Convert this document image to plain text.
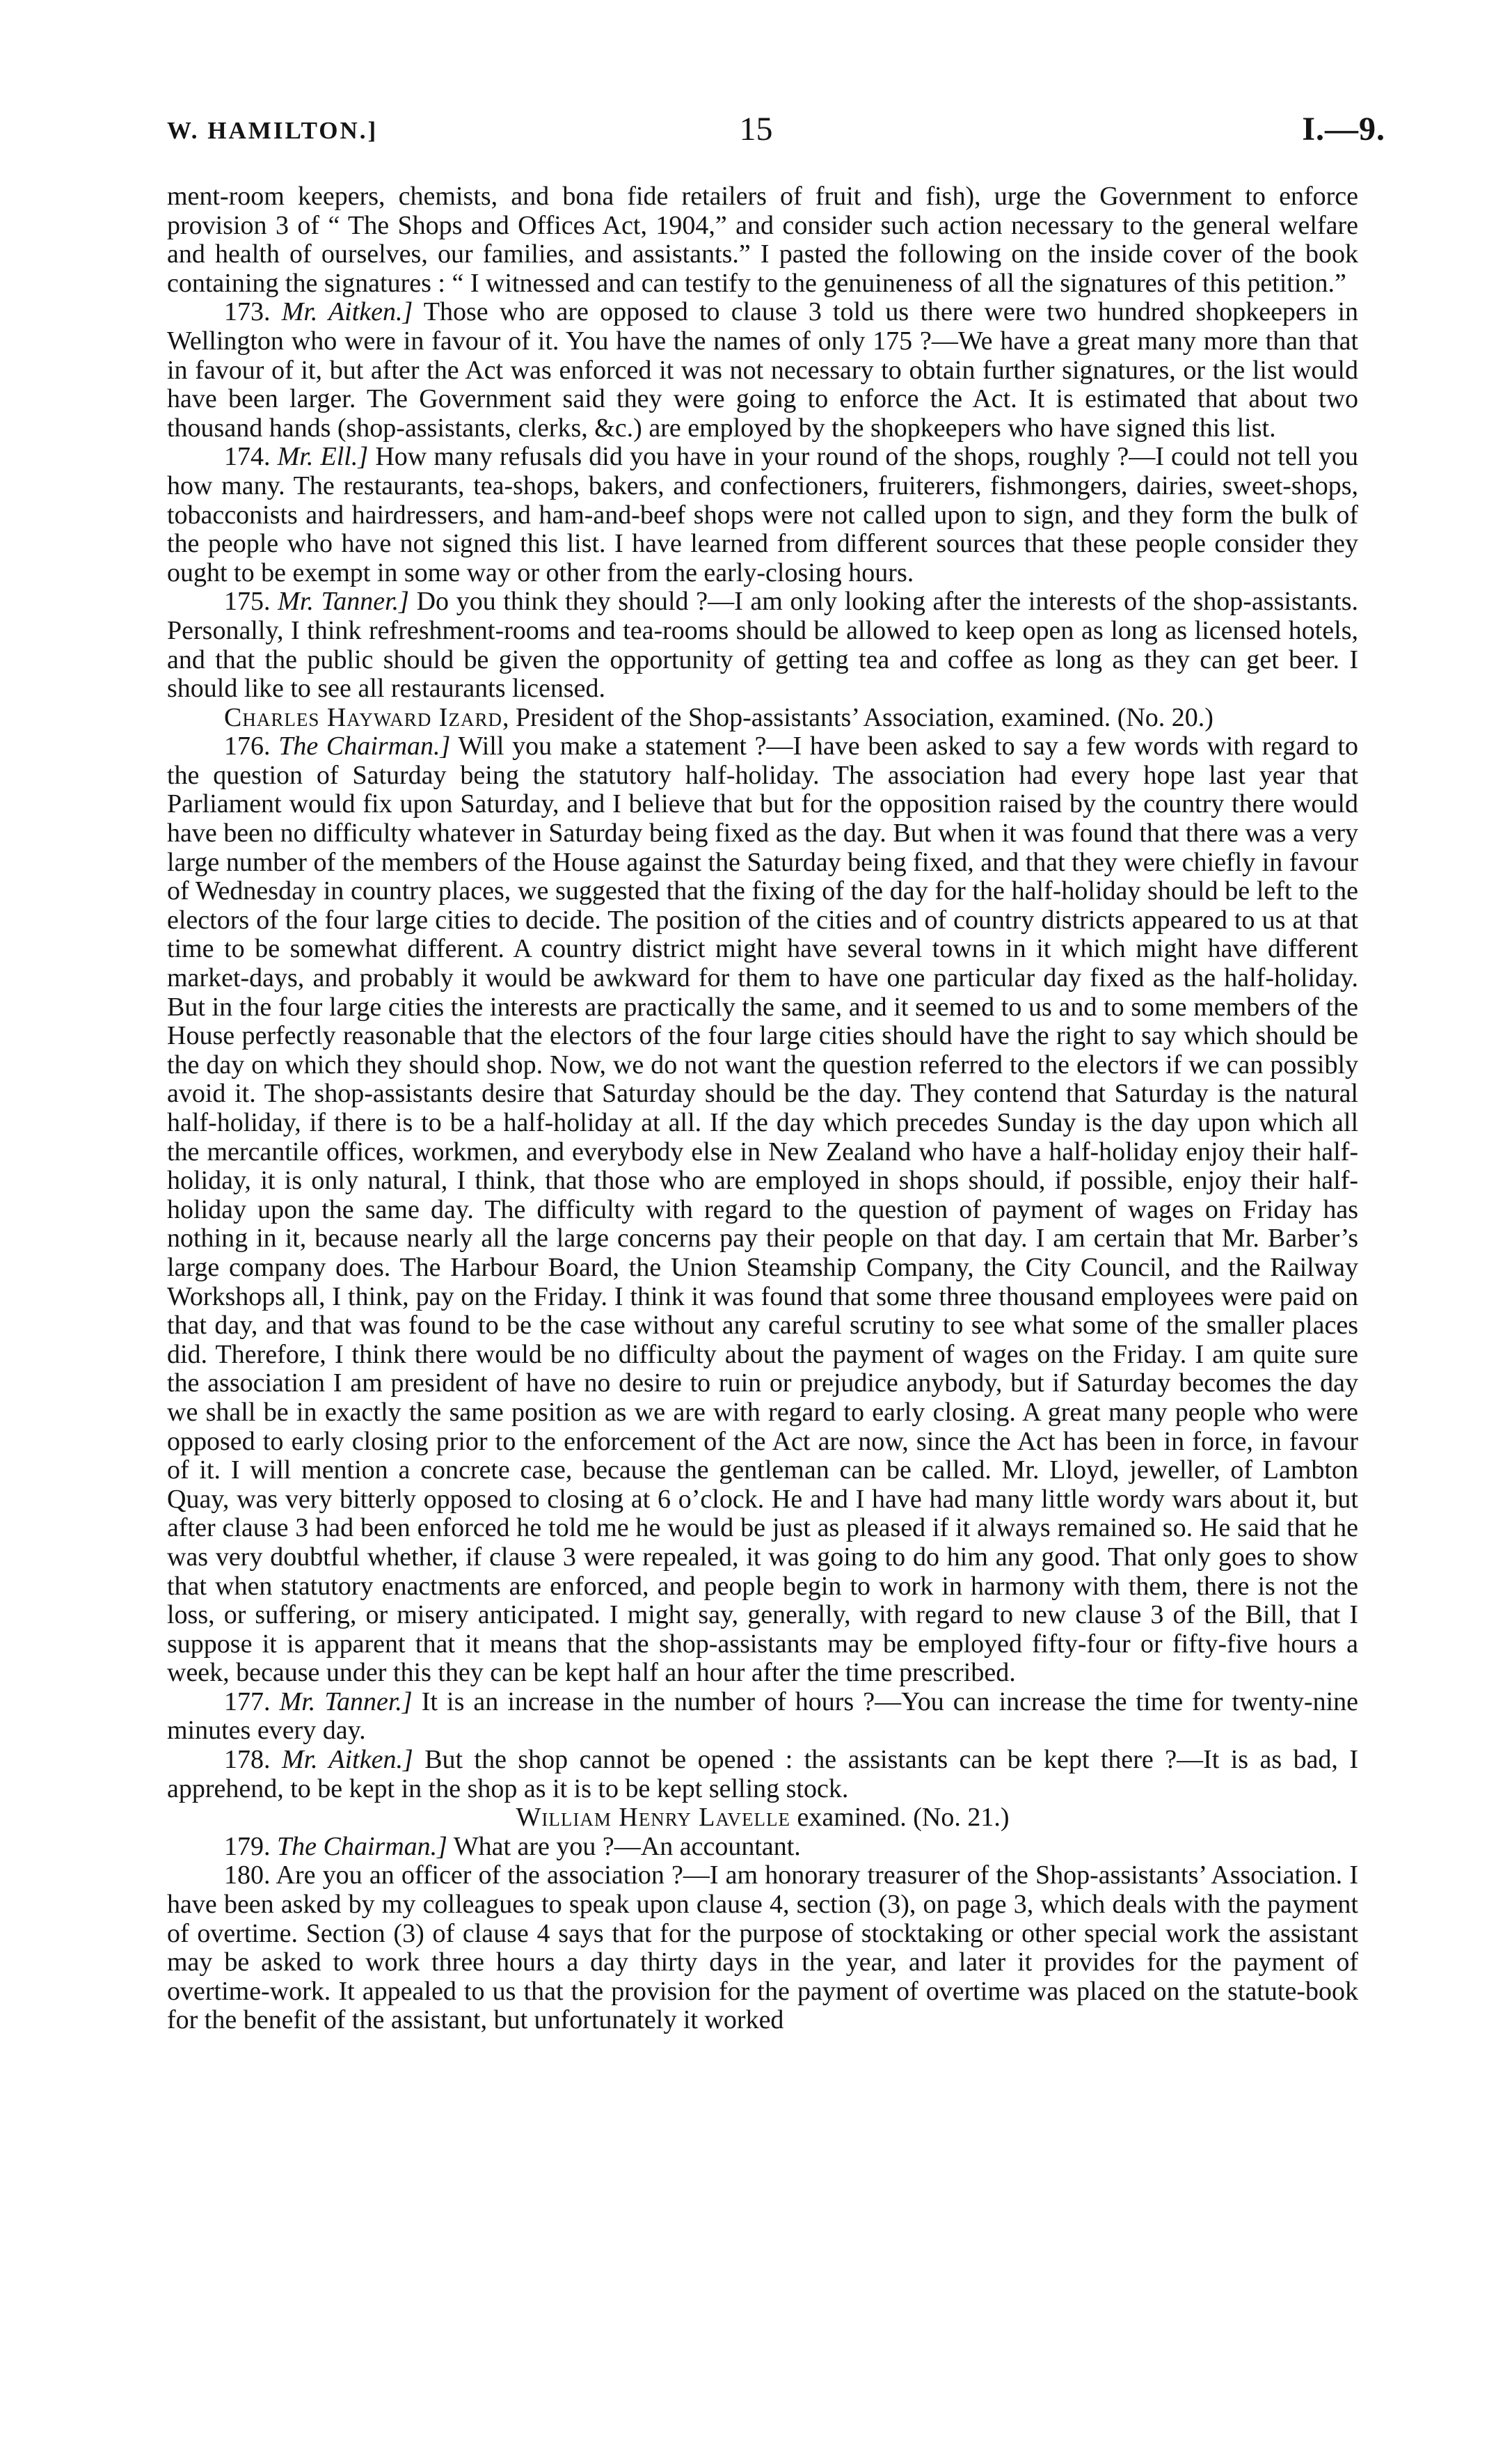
W. HAMILTON.]	15	I.—9.

ment-room keepers, chemists, and bona fide retailers of fruit and fish), urge the Government to enforce provision 3 of “ The Shops and Offices Act, 1904,” and consider such action necessary to the general welfare and health of ourselves, our families, and assistants.” I pasted the following on the inside cover of the book containing the signatures : “ I witnessed and can testify to the genuineness of all the signatures of this petition.”

173. Mr. Aitken.] Those who are opposed to clause 3 told us there were two hundred shopkeepers in Wellington who were in favour of it. You have the names of only 175 ?—We have a great many more than that in favour of it, but after the Act was enforced it was not necessary to obtain further signatures, or the list would have been larger. The Government said they were going to enforce the Act. It is estimated that about two thousand hands (shop-assistants, clerks, &c.) are employed by the shopkeepers who have signed this list.

174. Mr. Ell.] How many refusals did you have in your round of the shops, roughly ?—I could not tell you how many. The restaurants, tea-shops, bakers, and confectioners, fruiterers, fishmongers, dairies, sweet-shops, tobacconists and hairdressers, and ham-and-beef shops were not called upon to sign, and they form the bulk of the people who have not signed this list. I have learned from different sources that these people consider they ought to be exempt in some way or other from the early-closing hours.

175. Mr. Tanner.] Do you think they should ?—I am only looking after the interests of the shop-assistants. Personally, I think refreshment-rooms and tea-rooms should be allowed to keep open as long as licensed hotels, and that the public should be given the opportunity of getting tea and coffee as long as they can get beer. I should like to see all restaurants licensed.

Charles Hayward Izard, President of the Shop-assistants’ Association, examined. (No. 20.)

176. The Chairman.] Will you make a statement ?—I have been asked to say a few words with regard to the question of Saturday being the statutory half-holiday. The association had every hope last year that Parliament would fix upon Saturday, and I believe that but for the opposition raised by the country there would have been no difficulty whatever in Saturday being fixed as the day. But when it was found that there was a very large number of the members of the House against the Saturday being fixed, and that they were chiefly in favour of Wednesday in country places, we suggested that the fixing of the day for the half-holiday should be left to the electors of the four large cities to decide. The position of the cities and of country districts appeared to us at that time to be somewhat different. A country district might have several towns in it which might have different market-days, and probably it would be awkward for them to have one particular day fixed as the half-holiday. But in the four large cities the interests are practically the same, and it seemed to us and to some members of the House perfectly reasonable that the electors of the four large cities should have the right to say which should be the day on which they should shop. Now, we do not want the question referred to the electors if we can possibly avoid it. The shop-assistants desire that Saturday should be the day. They contend that Saturday is the natural half-holiday, if there is to be a half-holiday at all. If the day which precedes Sunday is the day upon which all the mercantile offices, workmen, and everybody else in New Zealand who have a half-holiday enjoy their half-holiday, it is only natural, I think, that those who are employed in shops should, if possible, enjoy their half-holiday upon the same day. The difficulty with regard to the question of payment of wages on Friday has nothing in it, because nearly all the large concerns pay their people on that day. I am certain that Mr. Barber’s large company does. The Harbour Board, the Union Steamship Company, the City Council, and the Railway Workshops all, I think, pay on the Friday. I think it was found that some three thousand employees were paid on that day, and that was found to be the case without any careful scrutiny to see what some of the smaller places did. Therefore, I think there would be no difficulty about the payment of wages on the Friday. I am quite sure the association I am president of have no desire to ruin or prejudice anybody, but if Saturday becomes the day we shall be in exactly the same position as we are with regard to early closing. A great many people who were opposed to early closing prior to the enforcement of the Act are now, since the Act has been in force, in favour of it. I will mention a concrete case, because the gentleman can be called. Mr. Lloyd, jeweller, of Lambton Quay, was very bitterly opposed to closing at 6 o’clock. He and I have had many little wordy wars about it, but after clause 3 had been enforced he told me he would be just as pleased if it always remained so. He said that he was very doubtful whether, if clause 3 were repealed, it was going to do him any good. That only goes to show that when statutory enactments are enforced, and people begin to work in harmony with them, there is not the loss, or suffering, or misery anticipated. I might say, generally, with regard to new clause 3 of the Bill, that I suppose it is apparent that it means that the shop-assistants may be employed fifty-four or fifty-five hours a week, because under this they can be kept half an hour after the time prescribed.

177. Mr. Tanner.] It is an increase in the number of hours ?—You can increase the time for twenty-nine minutes every day.

178. Mr. Aitken.] But the shop cannot be opened : the assistants can be kept there ?—It is as bad, I apprehend, to be kept in the shop as it is to be kept selling stock.

William Henry Lavelle examined. (No. 21.)

179. The Chairman.] What are you ?—An accountant.

180. Are you an officer of the association ?—I am honorary treasurer of the Shop-assistants’ Association. I have been asked by my colleagues to speak upon clause 4, section (3), on page 3, which deals with the payment of overtime. Section (3) of clause 4 says that for the purpose of stocktaking or other special work the assistant may be asked to work three hours a day thirty days in the year, and later it provides for the payment of overtime-work. It appealed to us that the provision for the payment of overtime was placed on the statute-book for the benefit of the assistant, but unfortunately it worked
